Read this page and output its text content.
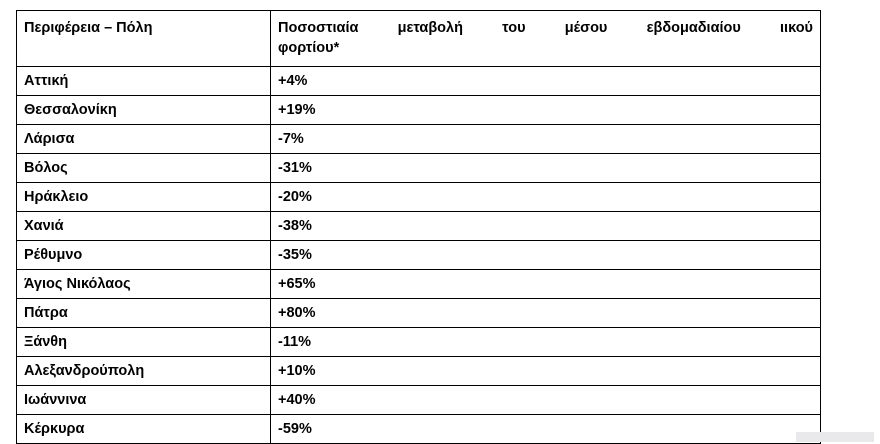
Περιφέρεια – Πόλη	Ποσοστιαία μεταβολή του μέσου εβδομαδιαίου ιικού
φορτίου*

Αττική	+4%
Θεσσαλονίκη	+19%
Λάρισα	-7%
Βόλος	-31%
Ηράκλειο	-20%
Χανιά	-38%
Ρέθυμνο	-35%
Άγιος Νικόλαος	+65%
Πάτρα	+80%
Ξάνθη	-11%
Αλεξανδρούπολη	+10%
Ιωάννινα	+40%
Κέρκυρα	-59%
